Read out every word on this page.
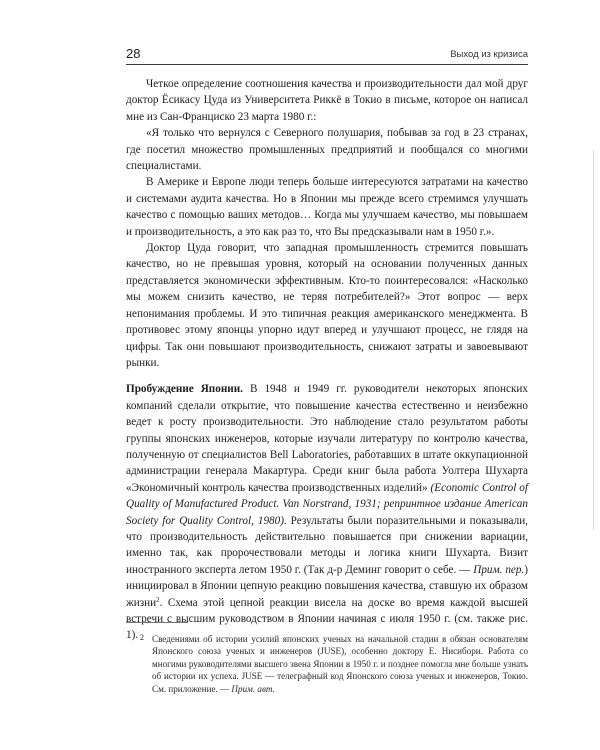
28	Выход из кризиса

Четкое определение соотношения качества и производительности дал мой друг доктор Ёсикасу Цуда из Университета Риккё в Токио в письме, которое он написал мне из Сан-Франциско 23 марта 1980 г.:

«Я только что вернулся с Северного полушария, побывав за год в 23 странах, где посетил множество промышленных предприятий и пообщался со многими специалистами.

В Америке и Европе люди теперь больше интересуются затратами на качество и системами аудита качества. Но в Японии мы прежде всего стремимся улучшать качество с помощью ваших методов… Когда мы улучшаем качество, мы повышаем и производительность, а это как раз то, что Вы предсказывали нам в 1950 г.».

Доктор Цуда говорит, что западная промышленность стремится повышать качество, но не превышая уровня, который на основании полученных данных представляется экономически эффективным. Кто-то поинтересовался: «Насколько мы можем снизить качество, не теряя потребителей?» Этот вопрос — верх непонимания проблемы. И это типичная реакция американского менеджмента. В противовес этому японцы упорно идут вперед и улучшают процесс, не глядя на цифры. Так они повышают производительность, снижают затраты и завоевывают рынки.

Пробуждение Японии. В 1948 и 1949 гг. руководители некоторых японских компаний сделали открытие, что повышение качества естественно и неизбежно ведет к росту производительности. Это наблюдение стало результатом работы группы японских инженеров, которые изучали литературу по контролю качества, полученную от специалистов Bell Laboratories, работавших в штате оккупационной администрации генерала Макартура. Среди книг была работа Уолтера Шухарта «Экономичный контроль качества производственных изделий» (Economic Control of Quality of Manufactured Product. Van Norstrand, 1931; репринтное издание American Society for Quality Control, 1980). Результаты были поразительными и показывали, что производительность действительно повышается при снижении вариации, именно так, как пророчествовали методы и логика книги Шухарта. Визит иностранного эксперта летом 1950 г. (Так д-р Деминг говорит о себе. — Прим. пер.) инициировал в Японии цепную реакцию повышения качества, ставшую их образом жизни$^2$. Схема этой цепной реакции висела на доске во время каждой высшей встречи с высшим руководством в Японии начиная с июля 1950 г. (см. также рис. 1). 2 Сведениями об истории усилий японских ученых на начальной стадии я обязан основателям Японского союза ученых и инженеров (JUSE), особенно доктору Е. Нисибори. Работа со многими руководителями высшего звена Японии в 1950 г. и позднее помогла мне больше узнать об истории их успеха. JUSE — телеграфный код Японского союза ученых и инженеров, Токио. См. приложение. — Прим. авт.
